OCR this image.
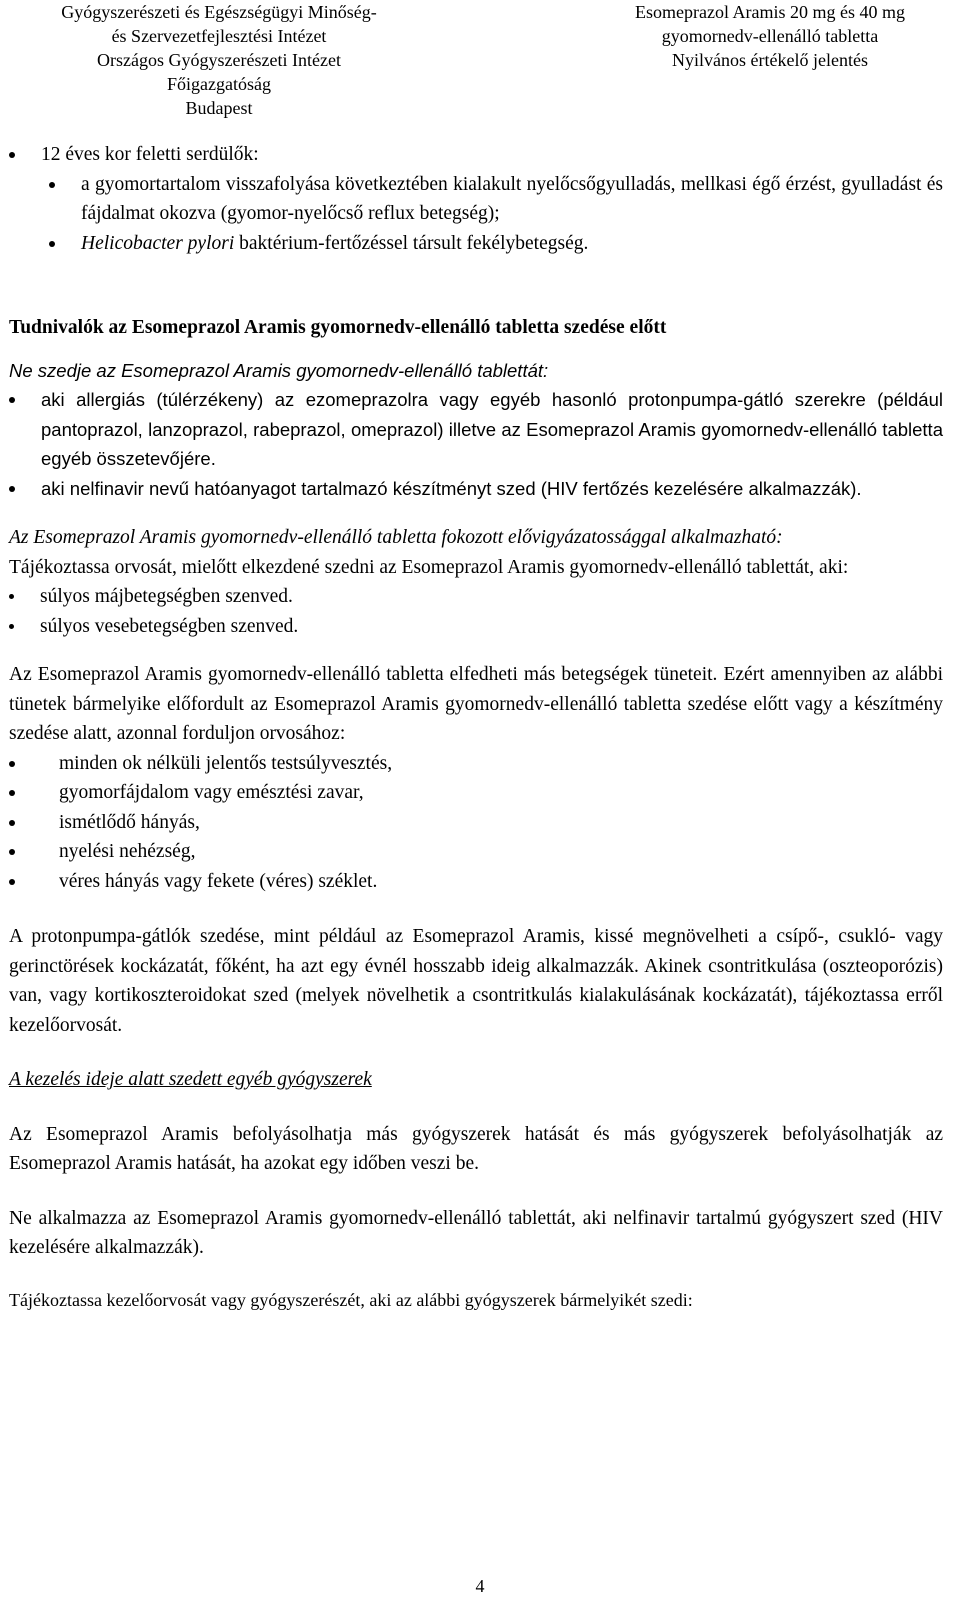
Gyógyszerészeti és Egészségügyi Minőség-
és Szervezetfejlesztési Intézet
Országos Gyógyszerészeti Intézet
Főigazgatóság
Budapest
Esomeprazol Aramis 20 mg és 40 mg
gyomornedv-ellenálló tabletta
Nyilvános értékelő jelentés
12 éves kor feletti serdülők:
a gyomortartalom visszafolyása következtében kialakult nyelőcsőgyulladás, mellkasi égő érzést, gyulladást és fájdalmat okozva (gyomor-nyelőcső reflux betegség);
Helicobacter pylori baktérium-fertőzéssel társult fekélybetegség.

Tudnivalók az Esomeprazol Aramis gyomornedv-ellenálló tabletta szedése előtt

Ne szedje az Esomeprazol Aramis gyomornedv-ellenálló tablettát:

aki allergiás (túlérzékeny) az ezomeprazolra vagy egyéb hasonló protonpumpa-gátló szerekre (például pantoprazol, lanzoprazol, rabeprazol, omeprazol) illetve az Esomeprazol Aramis gyomornedv-ellenálló tabletta egyéb összetevőjére.
aki nelfinavir nevű hatóanyagot tartalmazó készítményt szed (HIV fertőzés kezelésére alkalmazzák).

Az Esomeprazol Aramis gyomornedv-ellenálló tabletta fokozott elővigyázatossággal alkalmazható:

Tájékoztassa orvosát, mielőtt elkezdené szedni az Esomeprazol Aramis gyomornedv-ellenálló tablettát, aki:

súlyos májbetegségben szenved.
súlyos vesebetegségben szenved.

Az Esomeprazol Aramis gyomornedv-ellenálló tabletta elfedheti más betegségek tüneteit. Ezért amennyiben az alábbi tünetek bármelyike előfordult az Esomeprazol Aramis gyomornedv-ellenálló tabletta szedése előtt vagy a készítmény szedése alatt, azonnal forduljon orvosához:

minden ok nélküli jelentős testsúlyvesztés,
gyomorfájdalom vagy emésztési zavar,
ismétlődő hányás,
nyelési nehézség,
véres hányás vagy fekete (véres) széklet.

A protonpumpa-gátlók szedése, mint például az Esomeprazol Aramis, kissé megnövelheti a csípő-, csukló- vagy gerinctörések kockázatát, főként, ha azt egy évnél hosszabb ideig alkalmazzák. Akinek csontritkulása (oszteoporózis) van, vagy kortikoszteroidokat szed (melyek növelhetik a csontritkulás kialakulásának kockázatát), tájékoztassa erről kezelőorvosát.

A kezelés ideje alatt szedett egyéb gyógyszerek

Az Esomeprazol Aramis befolyásolhatja más gyógyszerek hatását és más gyógyszerek befolyásolhatják az Esomeprazol Aramis hatását, ha azokat egy időben veszi be.

Ne alkalmazza az Esomeprazol Aramis gyomornedv-ellenálló tablettát, aki nelfinavir tartalmú gyógyszert szed (HIV kezelésére alkalmazzák).

Tájékoztassa kezelőorvosát vagy gyógyszerészét, aki az alábbi gyógyszerek bármelyikét szedi:

4
